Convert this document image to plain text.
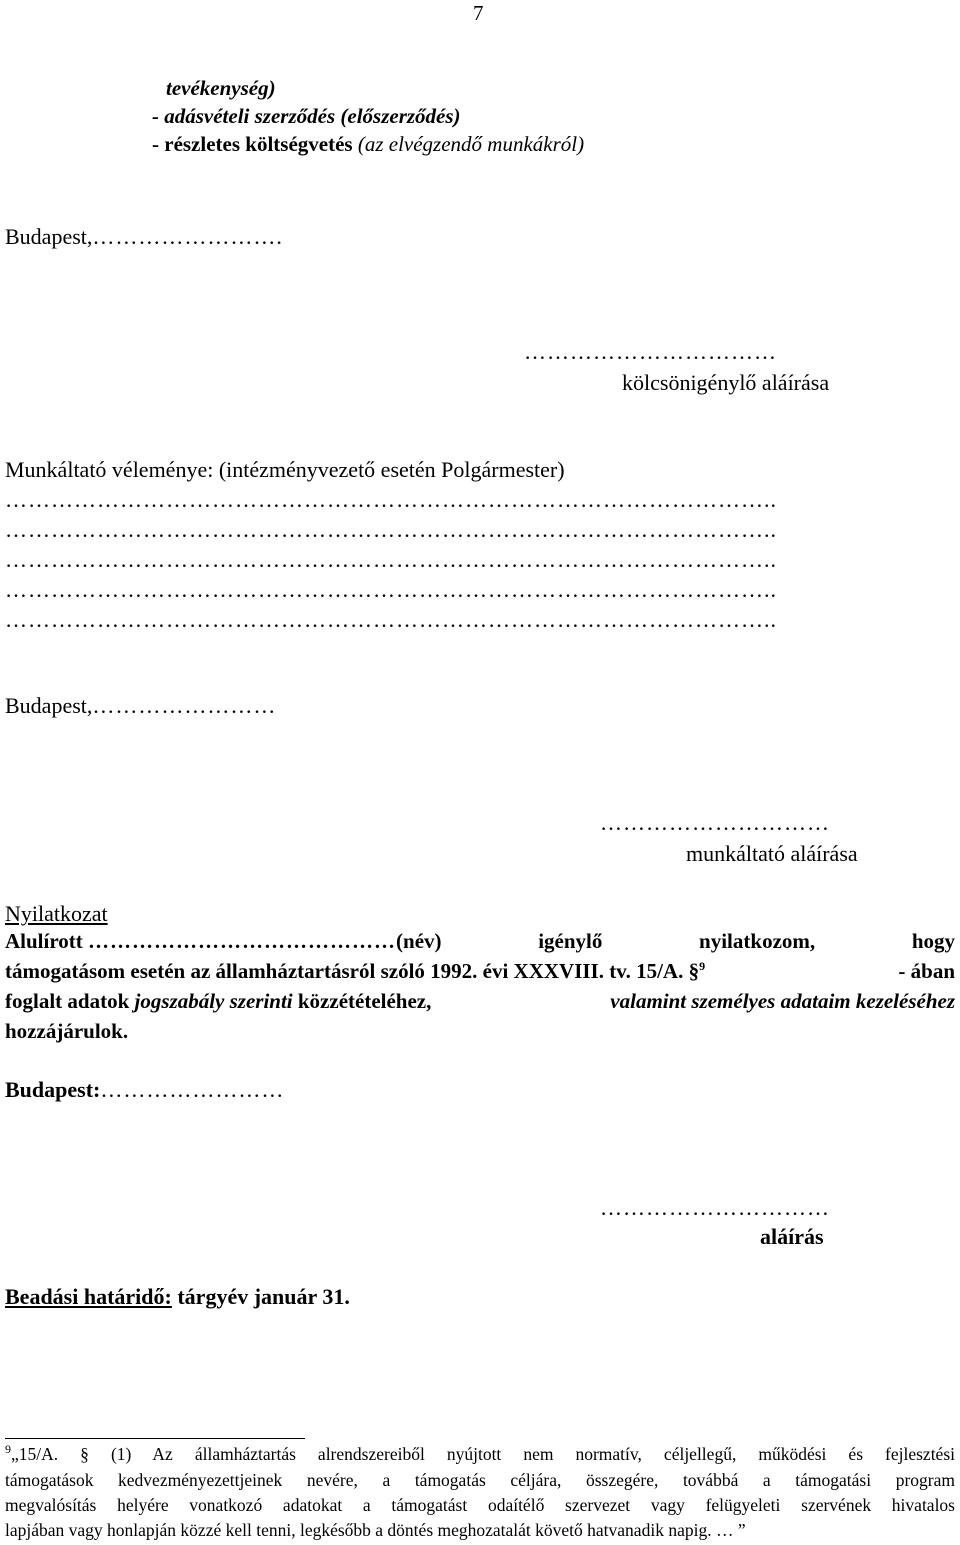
7
tevékenység)
- adásvételi szerződés (előszerződés)
- részletes költségvetés (az elvégzendő munkákról)
Budapest,…………………….
……………………………
kölcsönigénylő aláírása
Munkáltató véleménye: (intézményvezető esetén Polgármester)
………………………………………………………………………………………..
………………………………………………………………………………………..
………………………………………………………………………………………..
………………………………………………………………………………………..
………………………………………………………………………………………..
Budapest,……………………
…………………………
munkáltató aláírása
Nyilatkozat
Alulírott ……………………………………(név)	igénylő	nyilatkozom,	hogy
támogatásom esetén az államháztartásról szóló 1992. évi XXXVIII. tv. 15/A. §$^9$	- ában
foglalt adatok jogszabály szerinti közzétételéhez,	valamint személyes adataim kezeléséhez
hozzájárulok.
Budapest:……………………
…………………………
aláírás
Beadási határidő: tárgyév január 31.
$^9$„15/A. § (1) Az államháztartás alrendszereiből nyújtott nem normatív, céljellegű, működési és fejlesztési
támogatások kedvezményezettjeinek nevére, a támogatás céljára, összegére, továbbá a támogatási program
megvalósítás helyére vonatkozó adatokat a támogatást odaítélő szervezet vagy felügyeleti szervének hivatalos
lapjában vagy honlapján közzé kell tenni, legkésőbb a döntés meghozatalát követő hatvanadik napig. … ”
